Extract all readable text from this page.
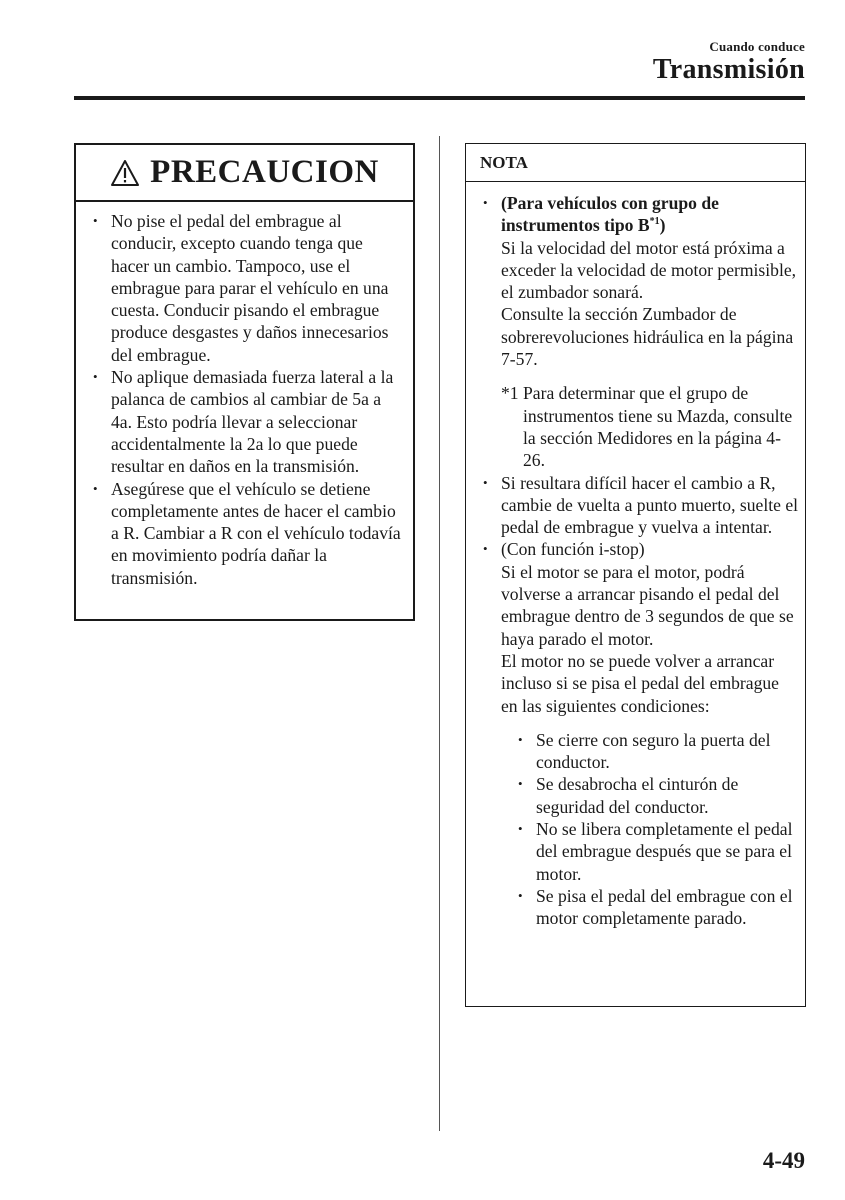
Cuando conduce
Transmisión
PRECAUCION
• No pise el pedal del embrague al conducir, excepto cuando tenga que hacer un cambio. Tampoco, use el embrague para parar el vehículo en una cuesta. Conducir pisando el embrague produce desgastes y daños innecesarios del embrague.
• No aplique demasiada fuerza lateral a la palanca de cambios al cambiar de 5a a 4a. Esto podría llevar a seleccionar accidentalmente la 2a lo que puede resultar en daños en la transmisión.
• Asegúrese que el vehículo se detiene completamente antes de hacer el cambio a R. Cambiar a R con el vehículo todavía en movimiento podría dañar la transmisión.
NOTA
• (Para vehículos con grupo de instrumentos tipo $B^{*1}$)
Si la velocidad del motor está próxima a exceder la velocidad de motor permisible, el zumbador sonará.
Consulte la sección Zumbador de sobrerevoluciones hidráulica en la página 7-57.
*1 Para determinar que el grupo de instrumentos tiene su Mazda, consulte la sección Medidores en la página 4-26.
• Si resultara difícil hacer el cambio a R, cambie de vuelta a punto muerto, suelte el pedal de embrague y vuelva a intentar.
• (Con función i-stop)
Si el motor se para el motor, podrá volverse a arrancar pisando el pedal del embrague dentro de 3 segundos de que se haya parado el motor.
El motor no se puede volver a arrancar incluso si se pisa el pedal del embrague en las siguientes condiciones:
• Se cierre con seguro la puerta del conductor.
• Se desabrocha el cinturón de seguridad del conductor.
• No se libera completamente el pedal del embrague después que se para el motor.
• Se pisa el pedal del embrague con el motor completamente parado.
4-49
